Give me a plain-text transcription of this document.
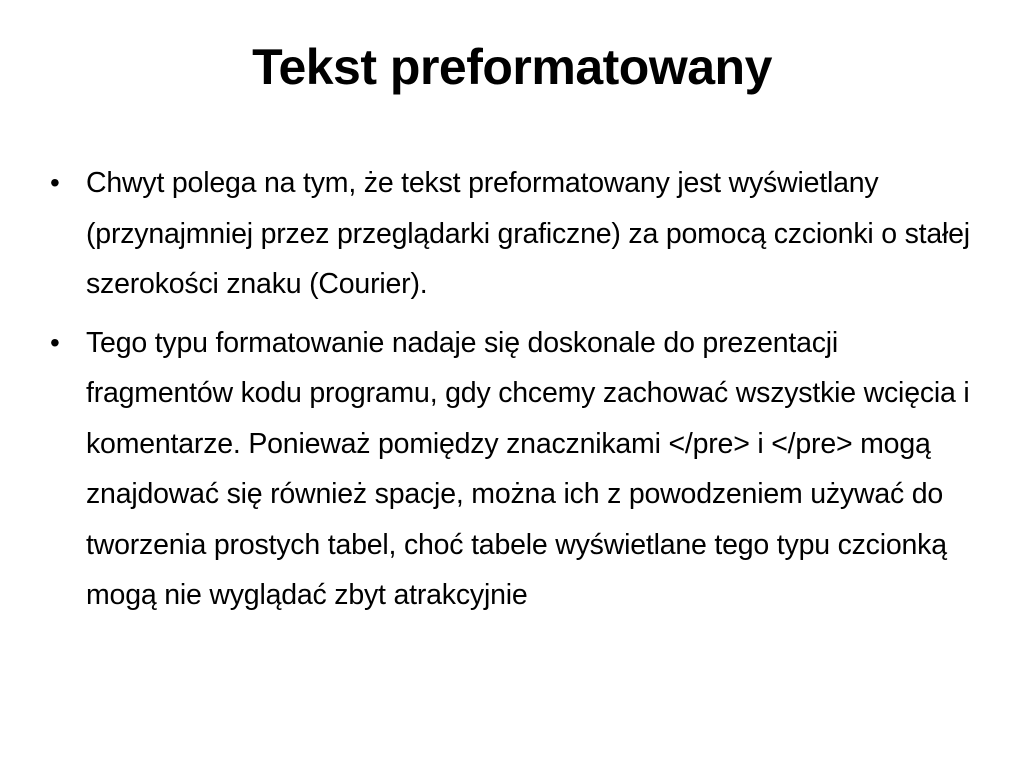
Tekst preformatowany
• Chwyt polega na tym, że tekst preformatowany jest wyświetlany (przynajmniej przez przeglądarki graficzne) za pomocą czcionki o stałej szerokości znaku (Courier).
• Tego typu formatowanie nadaje się doskonale do prezentacji fragmentów kodu programu, gdy chcemy zachować wszystkie wcięcia i komentarze. Ponieważ pomiędzy znacznikami </pre> i </pre> mogą znajdować się również spacje, można ich z powodzeniem używać do tworzenia prostych tabel, choć tabele wyświetlane tego typu czcionką mogą nie wyglądać zbyt atrakcyjnie
